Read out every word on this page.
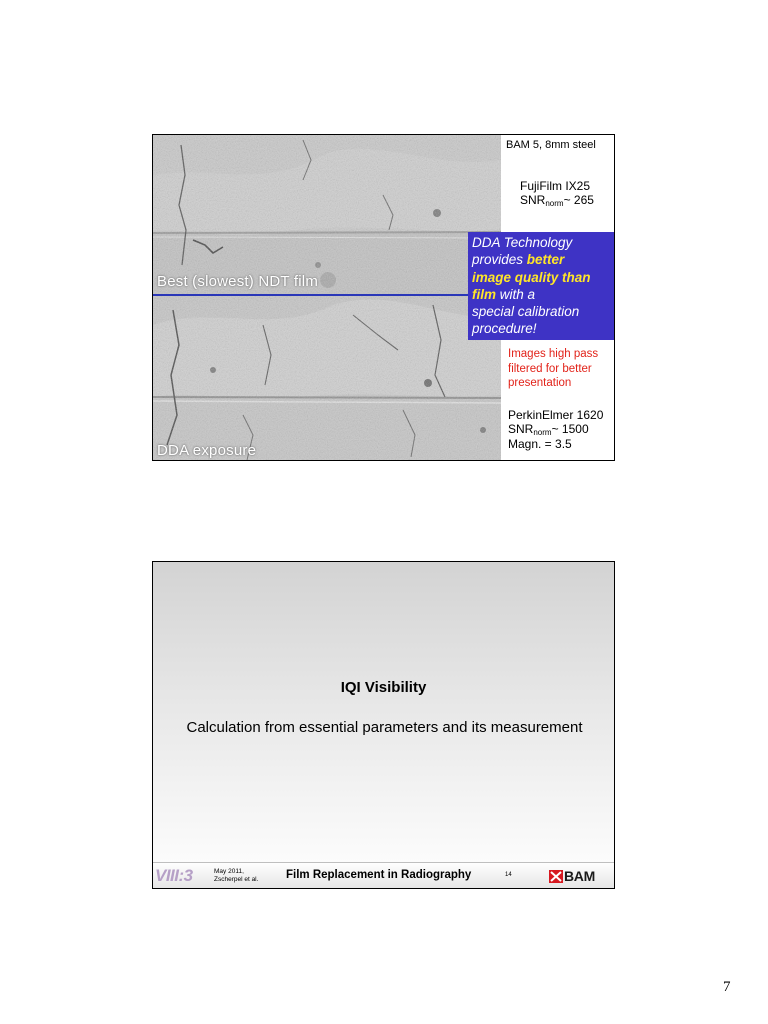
Best (slowest) NDT film
DDA exposure
BAM 5, 8mm steel
FujiFilm IX25
$SNR_{norm}\sim$ 265
DDA Technology
provides better
image quality than
film with a
special calibration
procedure!
Images high pass
filtered for better
presentation
PerkinElmer 1620
$SNR_{norm}\sim$ 1500
Magn. = 3.5
IQI Visibility
Calculation from essential parameters and its measurement
VIII:3	May 2011,
Zscherpel et al. Film Replacement in Radiography	14	BAM
7
